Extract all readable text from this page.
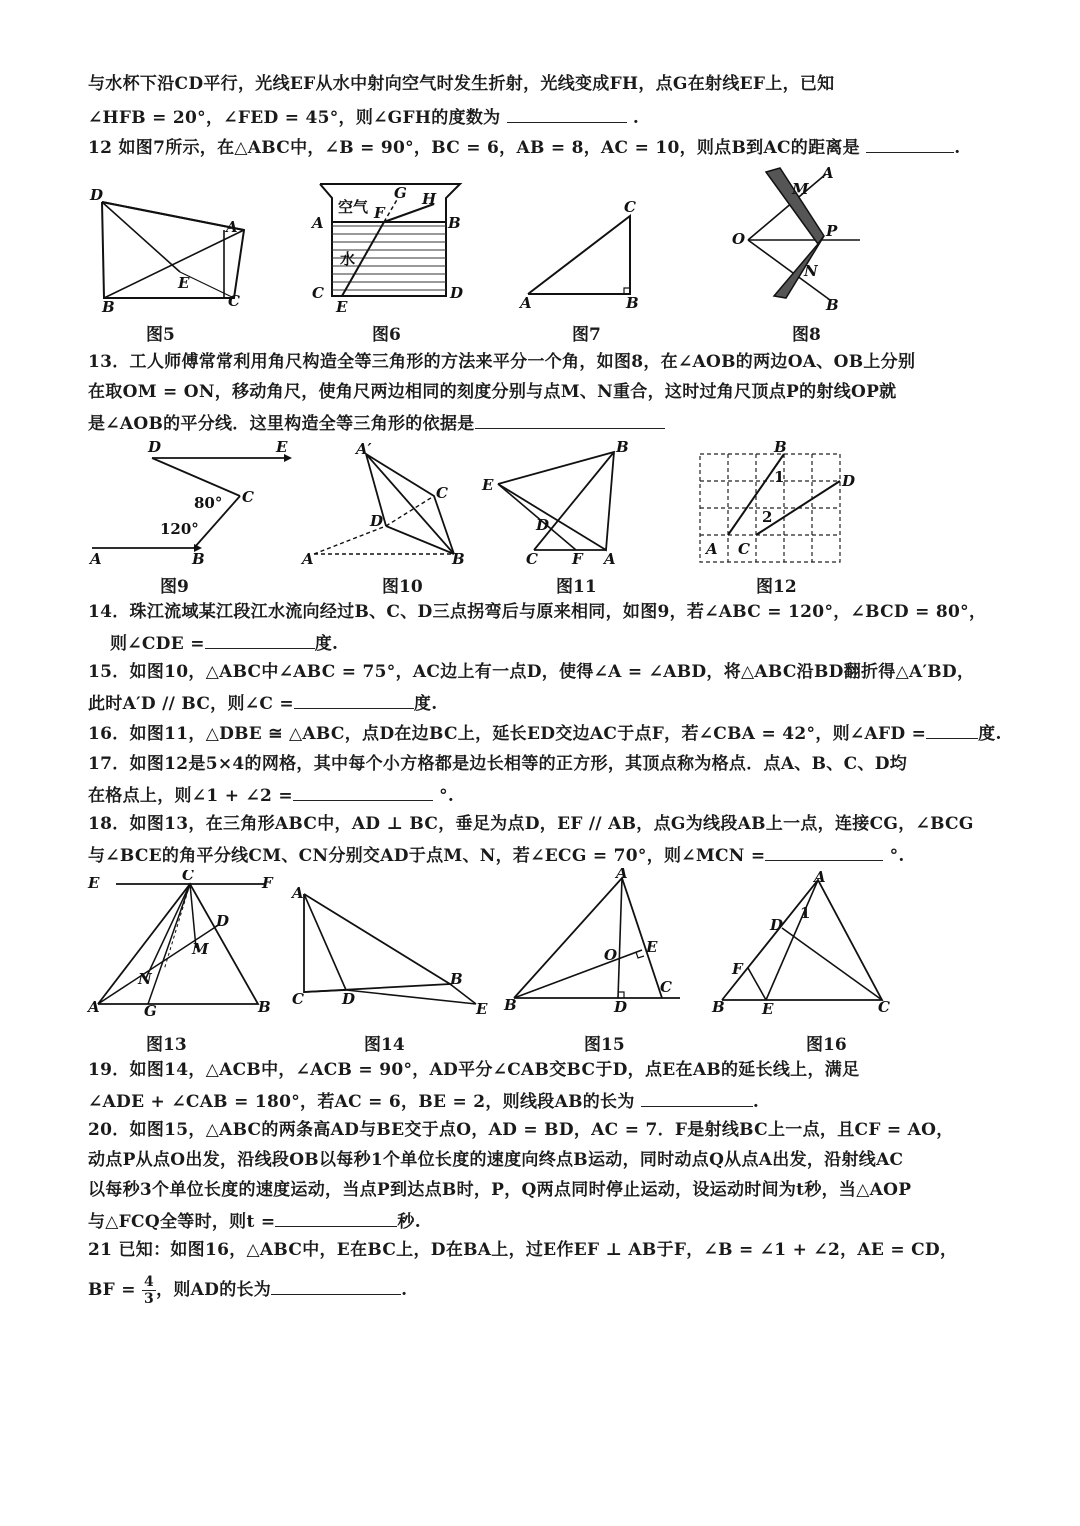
与水杯下沿CD平行，光线EF从水中射向空气时发生折射，光线变成FH，点G在射线EF上，已知
∠HFB = 20°，∠FED = 45°，则∠GFH的度数为	.
12 如图7所示，在△ABC中，∠B = 90°，BC = 6，AB = 8，AC = 10，则点B到AC的距离是	.
D
A
E
B	C
空气
水
G H
F
A	B
C
E
D
C
A	B
O
A
M
P
N
B
图5	图6	图7	图8
13．工人师傅常常利用角尺构造全等三角形的方法来平分一个角，如图8，在∠AOB的两边OA、OB上分别
在取OM = ON，移动角尺，使角尺两边相同的刻度分别与点M、N重合，这时过角尺顶点P的射线OP就
是∠AOB的平分线．这里构造全等三角形的依据是
D	E
C
B
A
80°
120°
A′
C
D
A	B
E
B
D
C F A
B
D
A C
1
2
图9	图10	图11	图12
14．珠江流域某江段江水流向经过B、C、D三点拐弯后与原来相同，如图9，若∠ABC = 120°，∠BCD = 80°，
则∠CDE =	度.
15．如图10，△ABC中∠ABC = 75°，AC边上有一点D，使得∠A = ∠ABD，将△ABC沿BD翻折得△A′BD，
此时A′D // BC，则∠C =	度.
16．如图11，△DBE ≅ △ABC，点D在边BC上，延长ED交边AC于点F，若∠CBA = 42°，则∠AFD =	度.
17．如图12是5×4的网格，其中每个小方格都是边长相等的正方形，其顶点称为格点．点A、B、C、D均
在格点上，则∠1 + ∠2 =	°.
18．如图13，在三角形ABC中，AD ⊥ BC，垂足为点D，EF // AB，点G为线段AB上一点，连接CG，∠BCG
与∠BCE的角平分线CM、CN分别交AD于点M、N，若∠ECG = 70°，则∠MCN =	°.
E	C	F
D
M
N
A	G	B
A
B
C	D
E
A
E
O
C
B	D
A
D
1
F
B E	C
图13	图14	图15	图16
19．如图14，△ACB中，∠ACB = 90°，AD平分∠CAB交BC于D，点E在AB的延长线上，满足
∠ADE + ∠CAB = 180°，若AC = 6，BE = 2，则线段AB的长为	.
20．如图15，△ABC的两条高AD与BE交于点O，AD = BD，AC = 7．F是射线BC上一点，且CF = AO，
动点P从点O出发，沿线段OB以每秒1个单位长度的速度向终点B运动，同时动点Q从点A出发，沿射线AC
以每秒3个单位长度的速度运动，当点P到达点B时，P，Q两点同时停止运动，设运动时间为t秒，当△AOP
与△FCQ全等时，则t =	秒.
21 已知：如图16，△ABC中，E在BC上，D在BA上，过E作EF ⊥ AB于F，∠B = ∠1 + ∠2，AE = CD，
BF = $\frac{4}{3}$ ，则AD的长为	.
